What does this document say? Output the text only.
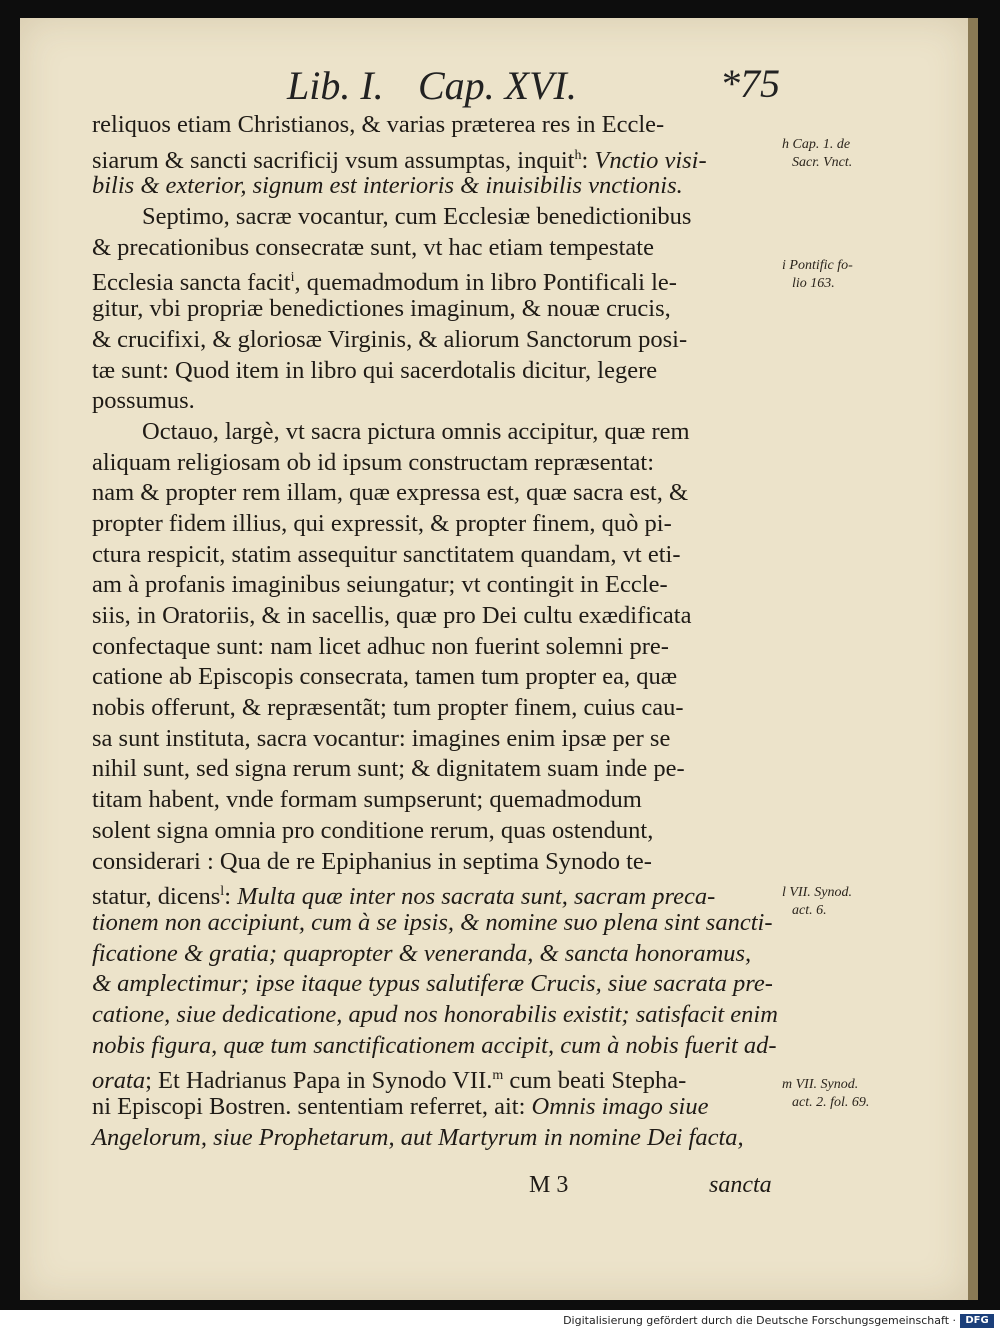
Lib. I. Cap. XVI.	*75
reliquos etiam Christianos, & varias prætereа res in Eccle-
siarum & sancti sacrificij vsum assumptas, inquit$^h$: Vnctio visi-
bilis & exterior, signum est interioris & inuisibilis vnctionis.
Septimo, sacræ vocantur, cum Ecclesiæ benedictionibus
& precationibus consecratæ sunt, vt hac etiam tempestate
Ecclesia sancta facit$^i$, quemadmodum in libro Pontificali le-
gitur, vbi propriæ benedictiones imaginum, & nouæ crucis,
& crucifixi, & gloriosæ Virginis, & aliorum Sanctorum posi-
tæ sunt: Quod item in libro qui sacerdotalis dicitur, legere
possumus.
Octauo, largè, vt sacra pictura omnis accipitur, quæ rem
aliquam religiosam ob id ipsum constructam repræsentat:
nam & propter rem illam, quæ expressa est, quæ sacra est, &
propter fidem illius, qui expressit, & propter finem, quò pi-
ctura respicit, statim assequitur sanctitatem quandam, vt eti-
am à profanis imaginibus seiungatur; vt contingit in Eccle-
siis, in Oratoriis, & in sacellis, quæ pro Dei cultu exædificata
confectaque sunt: nam licet adhuc non fuerint solemni pre-
catione ab Episcopis consecrata, tamen tum propter ea, quæ
nobis offerunt, & repræsentãt; tum propter finem, cuius cau-
sa sunt instituta, sacra vocantur: imagines enim ipsæ per se
nihil sunt, sed signa rerum sunt; & dignitatem suam inde pe-
titam habent, vnde formam sumpserunt; quemadmodum
solent signa omnia pro conditione rerum, quas ostendunt,
considerari : Qua de re Epiphanius in septima Synodo te-
statur, dicens$^l$: Multa quæ inter nos sacrata sunt, sacram preca-
tionem non accipiunt, cum à se ipsis, & nomine suo plena sint sancti-
ficatione & gratia; quapropter & veneranda, & sancta honoramus,
& amplectimur; ipse itaque typus salutiferæ Crucis, siue sacrata pre-
catione, siue dedicatione, apud nos honorabilis existit; satisfacit enim
nobis figura, quæ tum sanctificationem accipit, cum à nobis fuerit ad-
orata; Et Hadrianus Papa in Synodo VII.$^m$ cum beati Stepha-
ni Episcopi Bostren. sententiam referret, ait: Omnis imago siue
Angelorum, siue Prophetarum, aut Martyrum in nomine Dei facta,
h Cap. 1. de
Sacr. Vnct.
i Pontific fo-
lio 163.
l VII. Synod.
act. 6.
m VII. Synod.
act. 2. fol. 69.
M 3	sancta
Digitalisierung gefördert durch die Deutsche Forschungsgemeinschaft · DFG
